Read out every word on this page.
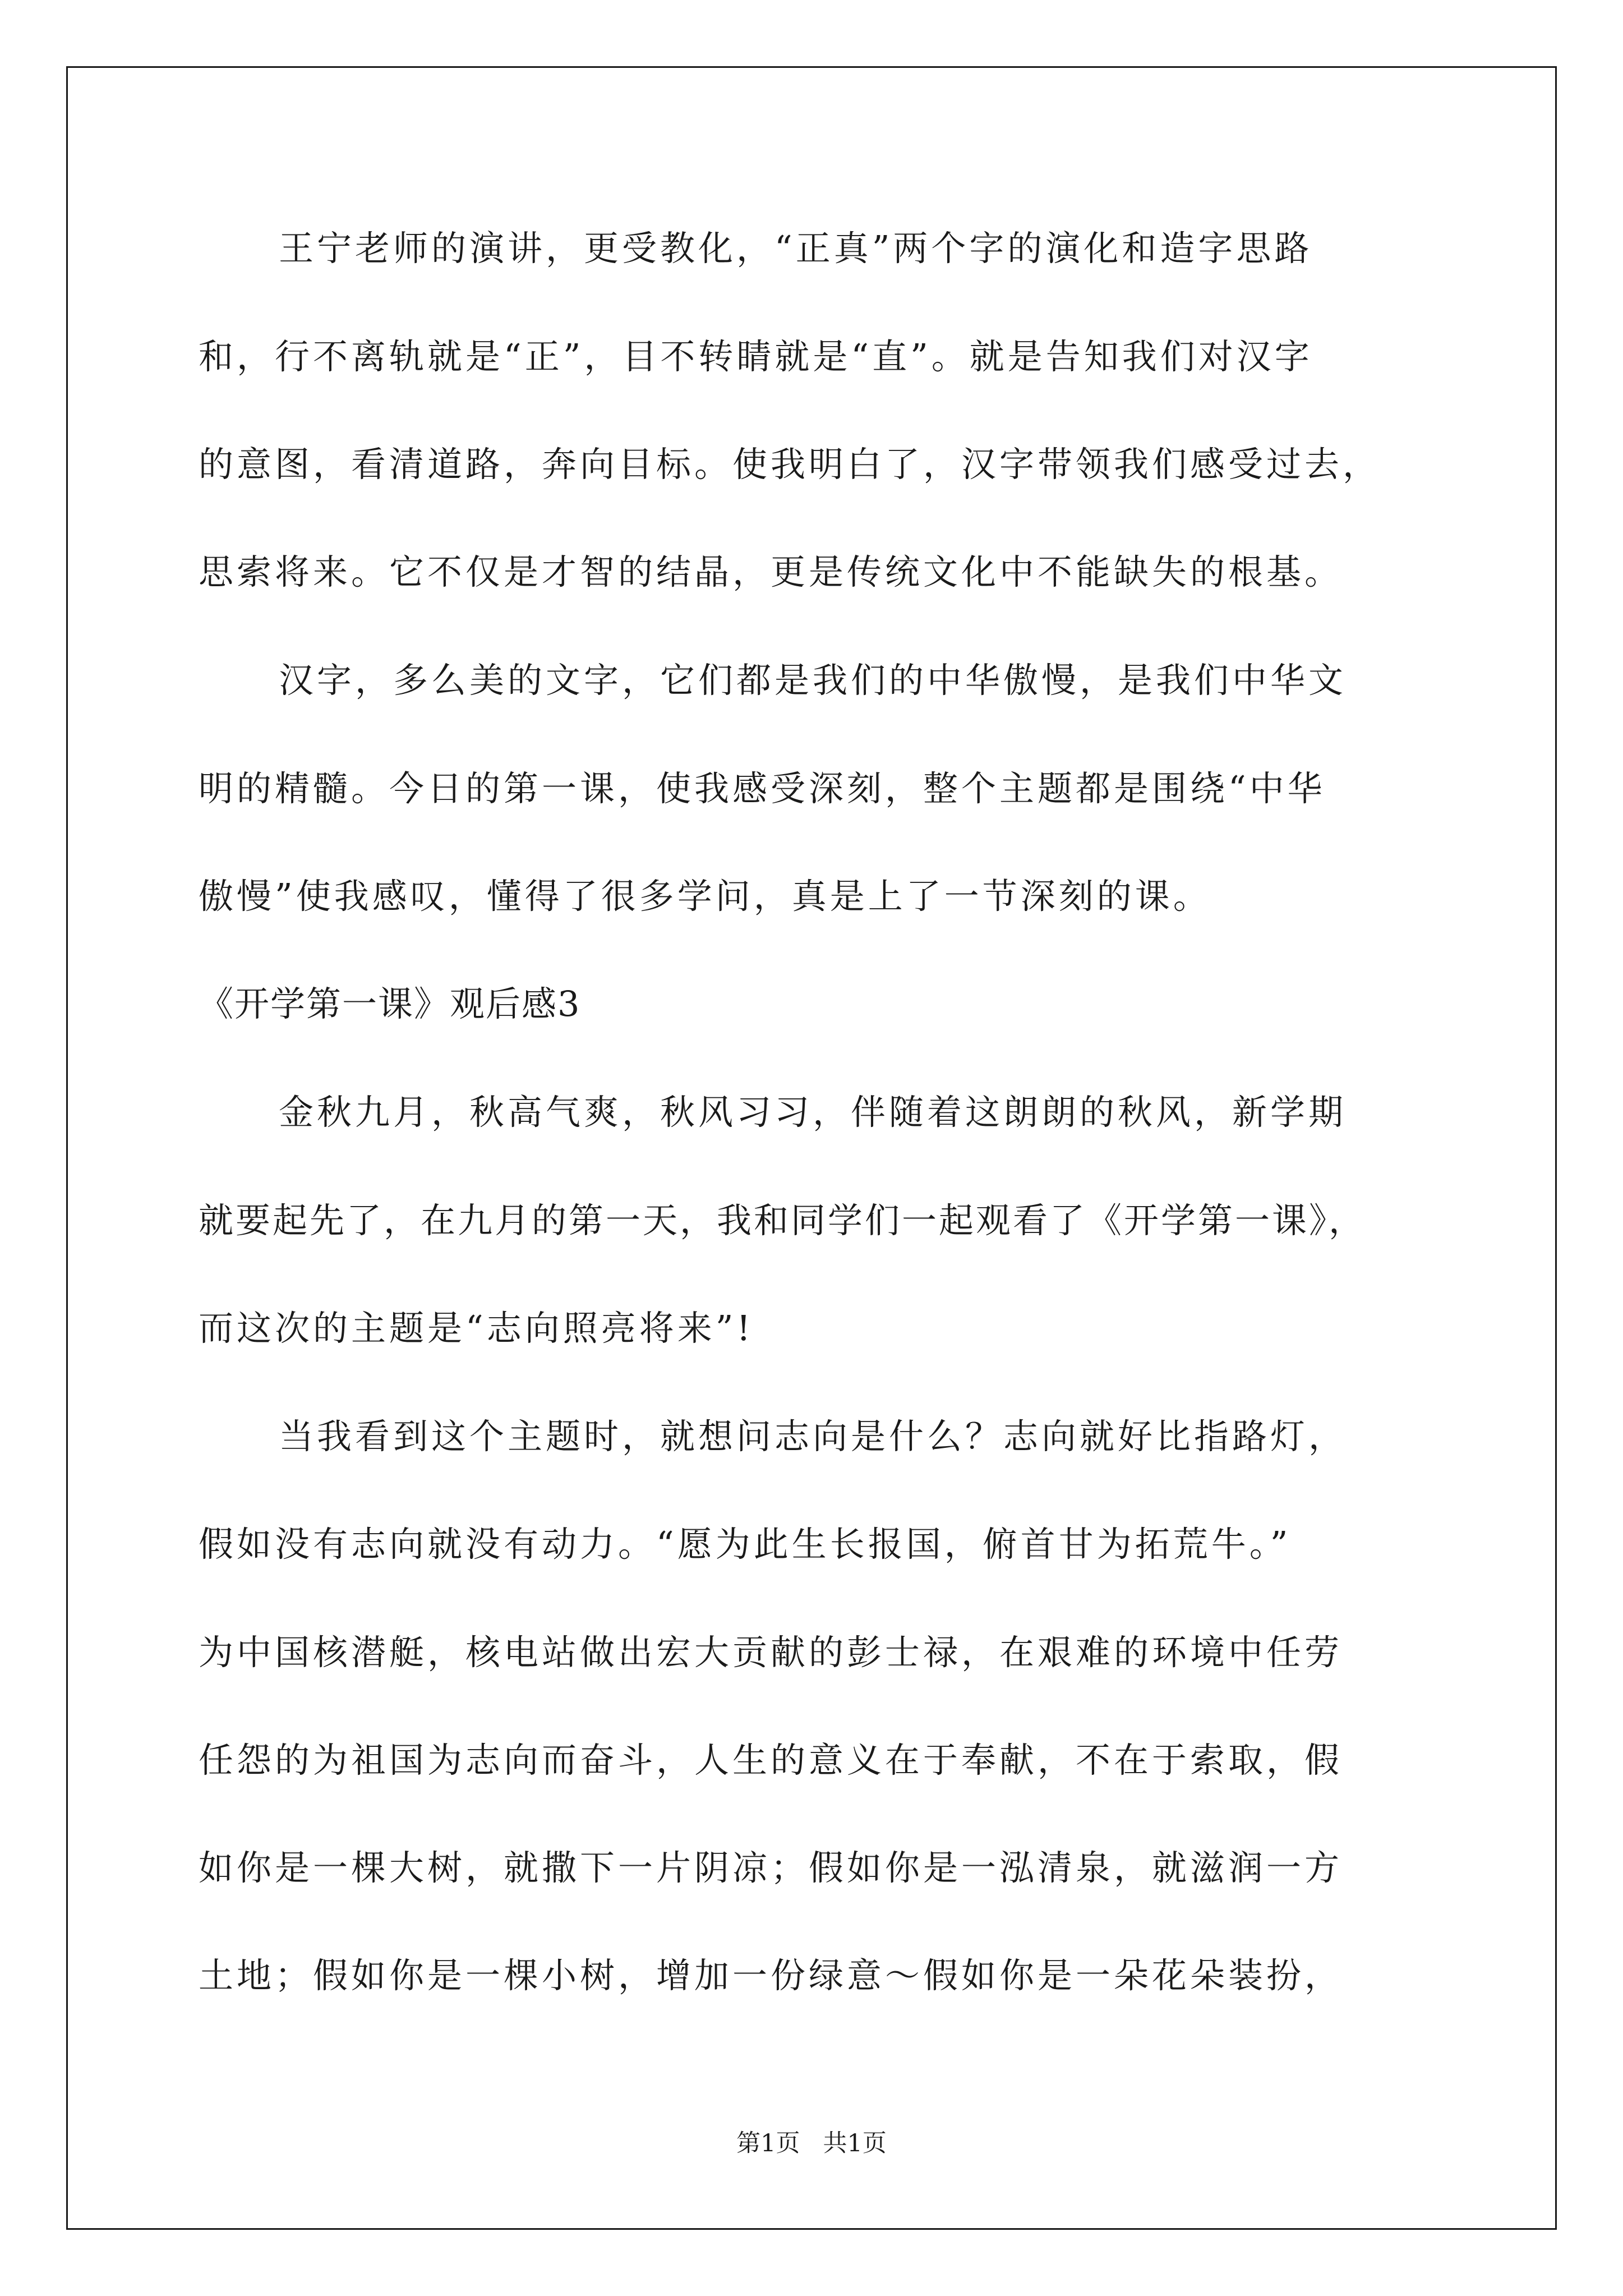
王宁老师的演讲，更受教化，“正真”两个字的演化和造字思路
和，行不离轨就是“正”，目不转睛就是“直”。就是告知我们对汉字
的意图，看清道路，奔向目标。使我明白了，汉字带领我们感受过去，
思索将来。它不仅是才智的结晶，更是传统文化中不能缺失的根基。
汉字，多么美的文字，它们都是我们的中华傲慢，是我们中华文
明的精髓。今日的第一课，使我感受深刻，整个主题都是围绕“中华
傲慢”使我感叹，懂得了很多学问，真是上了一节深刻的课。
《开学第一课》观后感3
金秋九月，秋高气爽，秋风习习，伴随着这朗朗的秋风，新学期
就要起先了，在九月的第一天，我和同学们一起观看了《开学第一课》，
而这次的主题是“志向照亮将来”!
当我看到这个主题时，就想问志向是什么？志向就好比指路灯，
假如没有志向就没有动力。“愿为此生长报国，俯首甘为拓荒牛。”
为中国核潜艇，核电站做出宏大贡献的彭士禄，在艰难的环境中任劳
任怨的为祖国为志向而奋斗，人生的意义在于奉献，不在于索取，假
如你是一棵大树，就撒下一片阴凉；假如你是一泓清泉，就滋润一方
土地；假如你是一棵小树，增加一份绿意～假如你是一朵花朵装扮，
第1页   共1页
